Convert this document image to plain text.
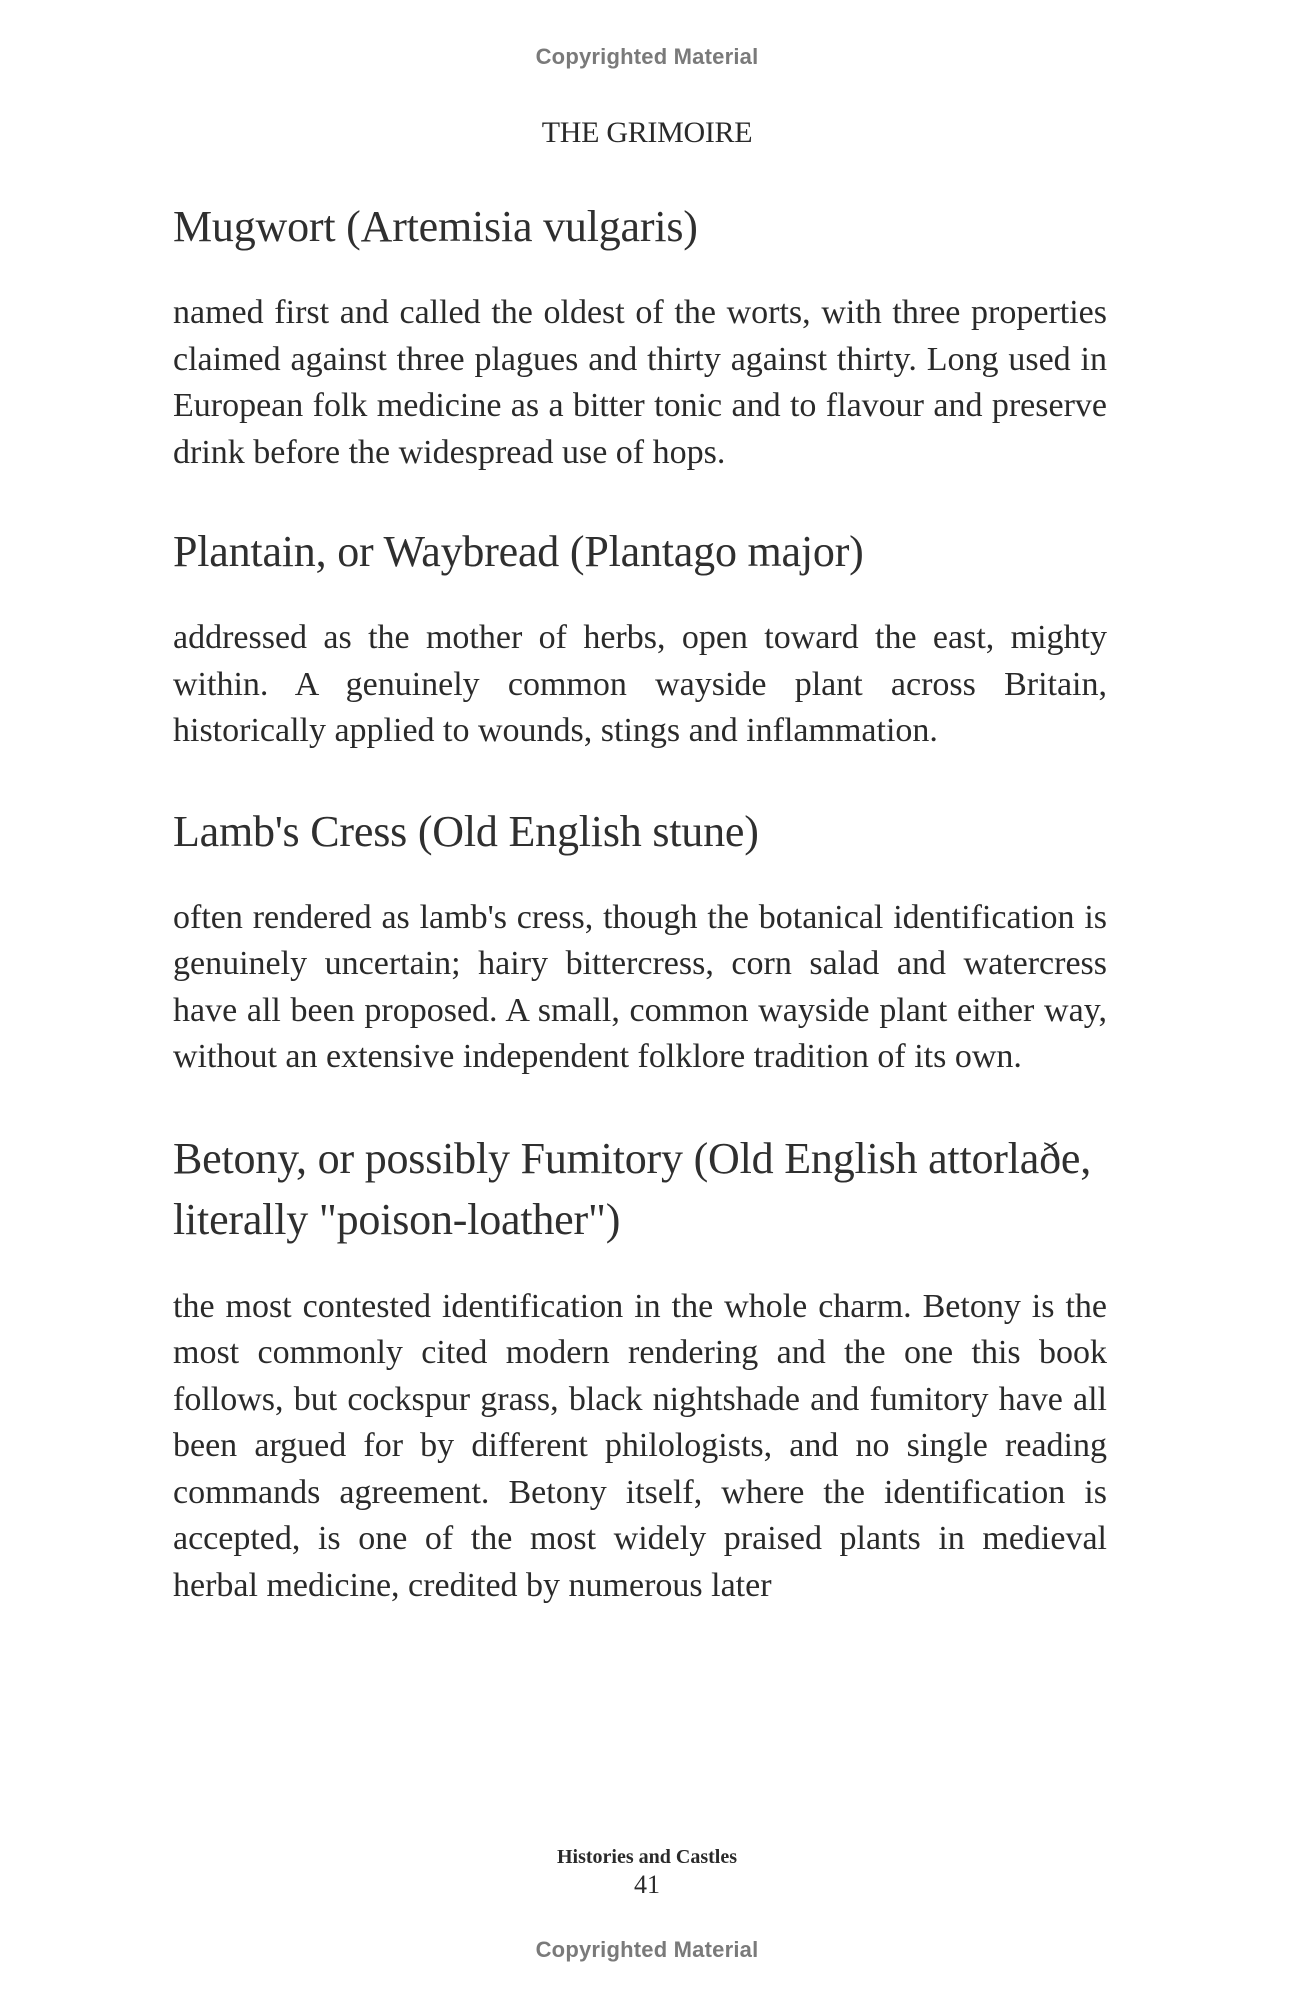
Copyrighted Material
THE GRIMOIRE
Mugwort (Artemisia vulgaris)

named first and called the oldest of the worts, with three properties claimed against three plagues and thirty against thirty. Long used in European folk medicine as a bitter tonic and to flavour and preserve drink before the widespread use of hops.

Plantain, or Waybread (Plantago major)

addressed as the mother of herbs, open toward the east, mighty within. A genuinely common wayside plant across Britain, historically applied to wounds, stings and inflammation.

Lamb's Cress (Old English stune)

often rendered as lamb's cress, though the botanical identification is genuinely uncertain; hairy bittercress, corn salad and watercress have all been proposed. A small, common wayside plant either way, without an extensive independent folklore tradition of its own.

Betony, or possibly Fumitory (Old English attorlaðe, literally "poison-loather")

the most contested identification in the whole charm. Betony is the most commonly cited modern rendering and the one this book follows, but cockspur grass, black nightshade and fumitory have all been argued for by different philologists, and no single reading commands agreement. Betony itself, where the identification is accepted, is one of the most widely praised plants in medieval herbal medicine, credited by numerous later

Histories and Castles
41
Copyrighted Material
